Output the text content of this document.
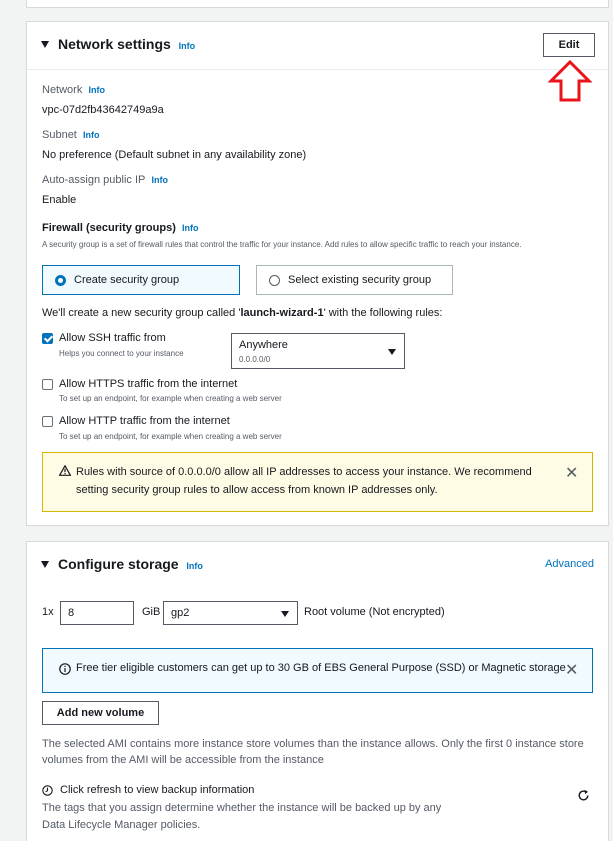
Network settings Info	Edit
Network Info
vpc-07d2fb43642749a9a
Subnet Info
No preference (Default subnet in any availability zone)
Auto-assign public IP Info
Enable
Firewall (security groups) Info
A security group is a set of firewall rules that control the traffic for your instance. Add rules to allow specific traffic to reach your instance.
Create security group	Select existing security group
We'll create a new security group called 'launch-wizard-1' with the following rules:
Allow SSH traffic from
Helps you connect to your instance
Anywhere
0.0.0.0/0
Allow HTTPS traffic from the internet
To set up an endpoint, for example when creating a web server
Allow HTTP traffic from the internet
To set up an endpoint, for example when creating a web server
Rules with source of 0.0.0.0/0 allow all IP addresses to access your instance. We recommend setting security group rules to allow access from known IP addresses only.
✕
Configure storage Info	Advanced
1x	8	GiB gp2	Root volume (Not encrypted)
Free tier eligible customers can get up to 30 GB of EBS General Purpose (SSD) or Magnetic storage ✕
Add new volume
The selected AMI contains more instance store volumes than the instance allows. Only the first 0 instance store volumes from the AMI will be accessible from the instance
Click refresh to view backup information
The tags that you assign determine whether the instance will be backed up by any Data Lifecycle Manager policies.
